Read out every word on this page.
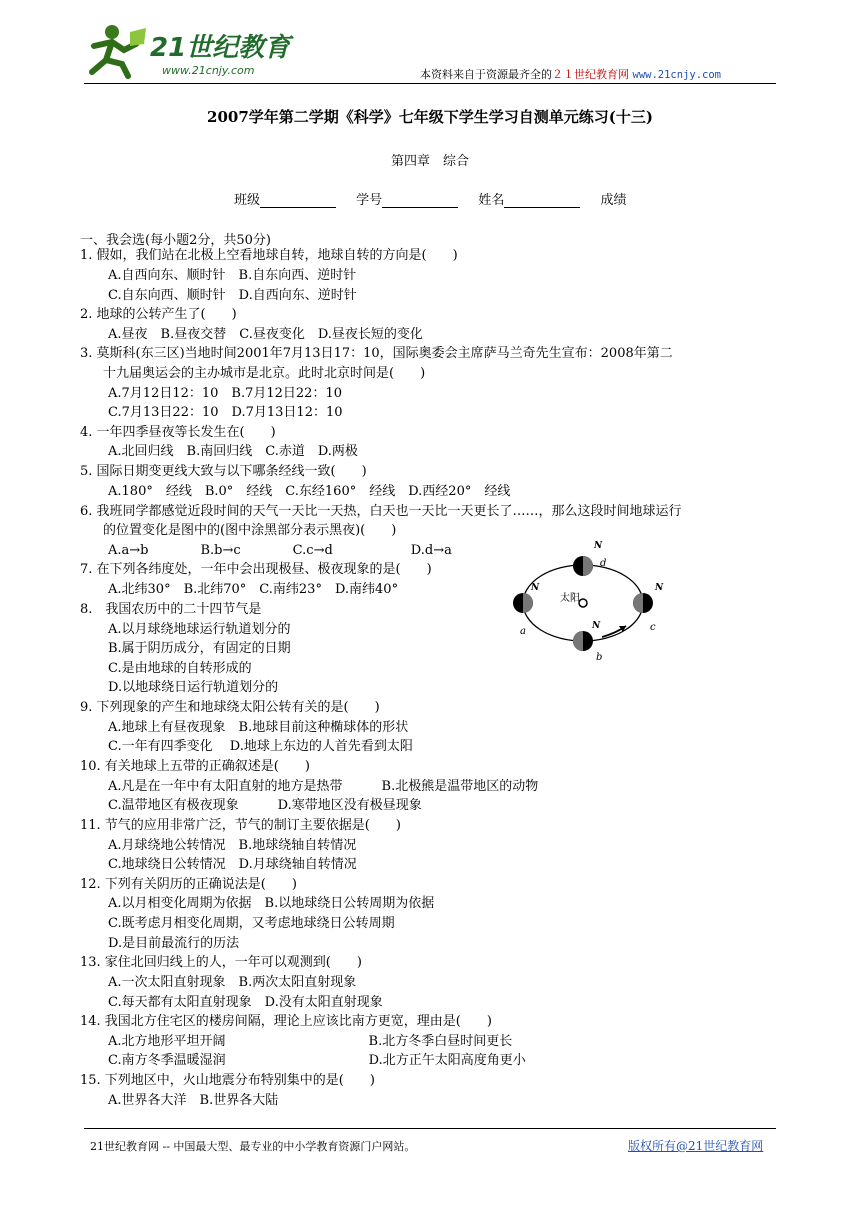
21世纪教育
www.21cnjy.com	本资料来自于资源最齐全的２１世纪教育网 www.21cnjy.com
2007学年第二学期《科学》七年级下学生学习自测单元练习(十三)
第四章　综合
班级	学号	姓名	成绩
一、我会选(每小题2分，共50分)
1. 假如，我们站在北极上空看地球自转，地球自转的方向是(　　)
A.自西向东、顺时针　B.自东向西、逆时针
C.自东向西、顺时针　D.自西向东、逆时针
2. 地球的公转产生了(　　)
A.昼夜　B.昼夜交替　C.昼夜变化　D.昼夜长短的变化
3. 莫斯科(东三区)当地时间2001年7月13日17：10，国际奥委会主席萨马兰奇先生宣布：2008年第二
十九届奥运会的主办城市是北京。此时北京时间是(　　)
A.7月12日12：10　B.7月12日22：10
C.7月13日22：10　D.7月13日12：10
4. 一年四季昼夜等长发生在(　　)
A.北回归线　B.南回归线　C.赤道　D.两极
5. 国际日期变更线大致与以下哪条经线一致(　　)
A.180°　经线　B.0°　经线　C.东经160°　经线　D.西经20°　经线
6. 我班同学都感觉近段时间的天气一天比一天热，白天也一天比一天更长了……，那么这段时间地球运行
的位置变化是图中的(图中涂黑部分表示黑夜)(　　)
A.a→b　　　　B.b→c　　　　C.c→d　　　　　　D.d→a
7. 在下列各纬度处，一年中会出现极昼、极夜现象的是(　　)
A.北纬30°　B.北纬70°　C.南纬23°　D.南纬40°
8.　我国农历中的二十四节气是
A.以月球绕地球运行轨道划分的
B.属于阴历成分，有固定的日期
C.是由地球的自转形成的
D.以地球绕日运行轨道划分的
9. 下列现象的产生和地球绕太阳公转有关的是(　　)
A.地球上有昼夜现象　B.地球目前这种椭球体的形状
C.一年有四季变化　 D.地球上东边的人首先看到太阳
10. 有关地球上五带的正确叙述是(　　)
A.凡是在一年中有太阳直射的地方是热带　　　B.北极熊是温带地区的动物
C.温带地区有极夜现象　　　D.寒带地区没有极昼现象
11. 节气的应用非常广泛，节气的制订主要依据是(　　)
A.月球绕地公转情况　B.地球绕轴自转情况
C.地球绕日公转情况　D.月球绕轴自转情况
12. 下列有关阴历的正确说法是(　　)
A.以月相变化周期为依据　B.以地球绕日公转周期为依据
C.既考虑月相变化周期，又考虑地球绕日公转周期
D.是目前最流行的历法
13. 家住北回归线上的人，一年可以观测到(　　)
A.一次太阳直射现象　B.两次太阳直射现象
C.每天都有太阳直射现象　D.没有太阳直射现象
14. 我国北方住宅区的楼房间隔，理论上应该比南方更宽，理由是(　　)
A.北方地形平坦开阔　　　　　　　　　　　B.北方冬季白昼时间更长
C.南方冬季温暖湿润　　　　　　　　　　　D.北方正午太阳高度角更小
15. 下列地区中，火山地震分布特别集中的是(　　)
A.世界各大洋　B.世界各大陆
太阳
N
a	N
b
N
c
N
d
21世纪教育网 -- 中国最大型、最专业的中小学教育资源门户网站。	版权所有@21世纪教育网
